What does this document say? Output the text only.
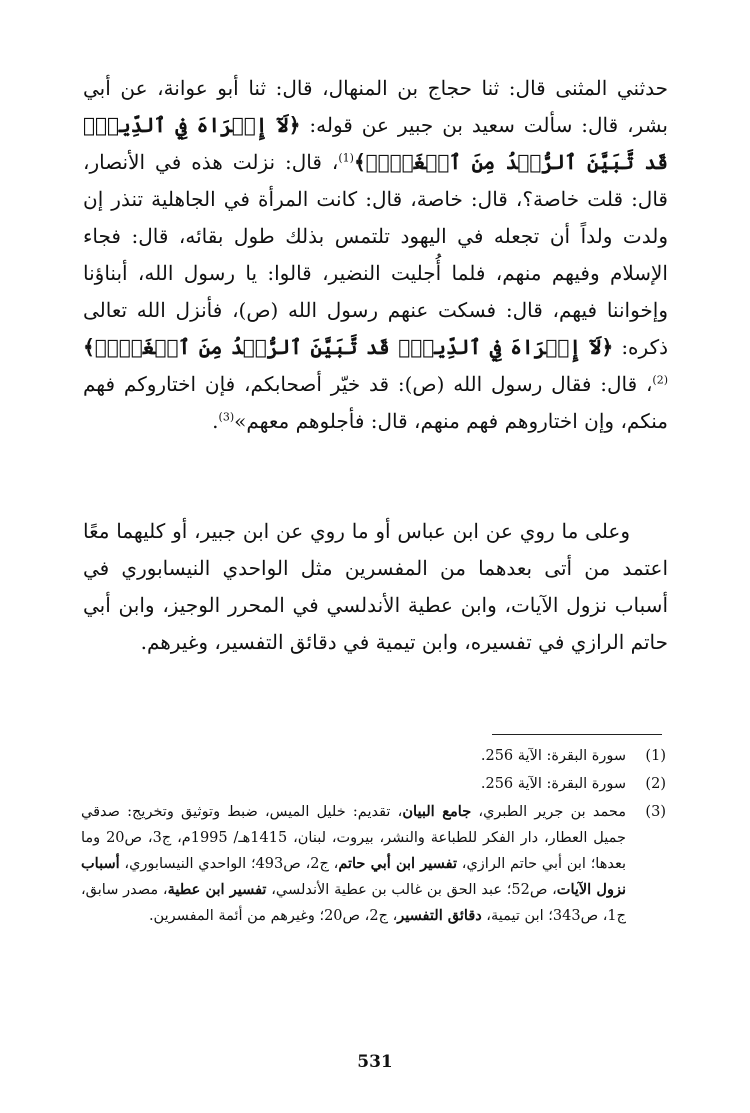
حدثني المثنى قال: ثنا حجاج بن المنهال، قال: ثنا أبو عوانة، عن أبي بشر، قال: سألت سعيد بن جبير عن قوله: ﴿لَآ إِكۡرَاهَ فِي ٱلدِّينِۖ قَد تَّبَيَّنَ ٱلرُّشۡدُ مِنَ ٱلۡغَيِّۚ﴾$^{(1)}$، قال: نزلت هذه في الأنصار، قال: قلت خاصة؟، قال: خاصة، قال: كانت المرأة في الجاهلية تنذر إن ولدت ولداً أن تجعله في اليهود تلتمس بذلك طول بقائه، قال: فجاء الإسلام وفيهم منهم، فلما أُجليت النضير، قالوا: يا رسول الله، أبناؤنا وإخواننا فيهم، قال: فسكت عنهم رسول الله (ص)، فأنزل الله تعالى ذكره: ﴿لَآ إِكۡرَاهَ فِي ٱلدِّينِۖ قَد تَّبَيَّنَ ٱلرُّشۡدُ مِنَ ٱلۡغَيِّۚ﴾$^{(2)}$، قال: فقال رسول الله (ص): قد خيّر أصحابكم، فإن اختاروكم فهم منكم، وإن اختاروهم فهم منهم، قال: فأجلوهم معهم»$^{(3)}$.

وعلى ما روي عن ابن عباس أو ما روي عن ابن جبير، أو كليهما معًا اعتمد من أتى بعدهما من المفسرين مثل الواحدي النيسابوري في أسباب نزول الآيات، وابن عطية الأندلسي في المحرر الوجيز، وابن أبي حاتم الرازي في تفسيره، وابن تيمية في دقائق التفسير، وغيرهم.

(1)
سورة البقرة: الآية 256.
(2)
سورة البقرة: الآية 256.
(3)
محمد بن جرير الطبري، جامع البيان، تقديم: خليل الميس، ضبط وتوثيق وتخريج: صدقي جميل العطار، دار الفكر للطباعة والنشر، بيروت، لبنان، 1415هـ/ 1995م، ج3، ص20 وما بعدها؛ ابن أبي حاتم الرازي، تفسير ابن أبي حاتم، ج2، ص493؛ الواحدي النيسابوري، أسباب نزول الآيات، ص52؛ عبد الحق بن غالب بن عطية الأندلسي، تفسير ابن عطية، مصدر سابق، ج1، ص343؛ ابن تيمية، دقائق التفسير، ج2، ص20؛ وغيرهم من أئمة المفسرين.
531
